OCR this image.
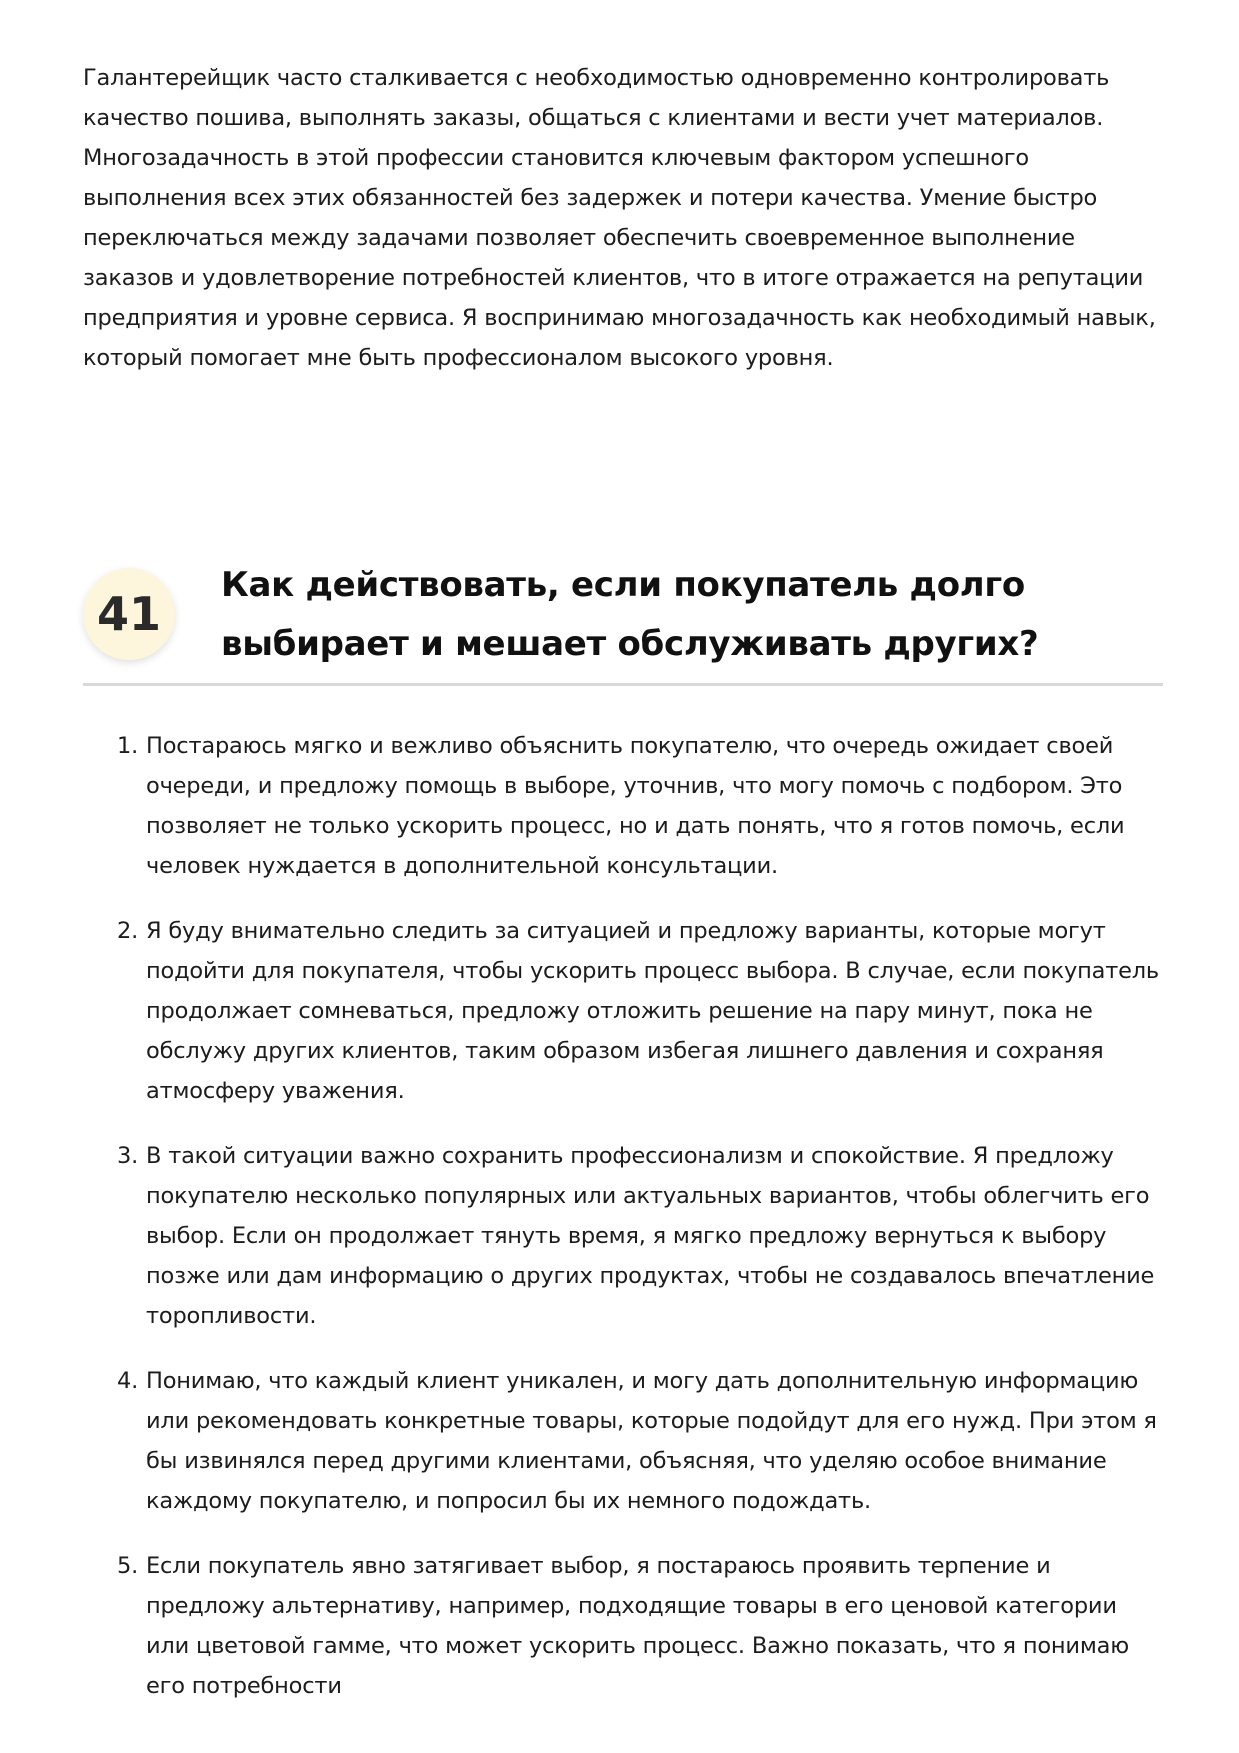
Галантерейщик часто сталкивается с необходимостью одновременно контролировать качество пошива, выполнять заказы, общаться с клиентами и вести учет материалов. Многозадачность в этой профессии становится ключевым фактором успешного выполнения всех этих обязанностей без задержек и потери качества. Умение быстро переключаться между задачами позволяет обеспечить своевременное выполнение заказов и удовлетворение потребностей клиентов, что в итоге отражается на репутации предприятия и уровне сервиса. Я воспринимаю многозадачность как необходимый навык, который помогает мне быть профессионалом высокого уровня.

41
Как действовать, если покупатель долго выбирает и мешает обслуживать других?
1. Постараюсь мягко и вежливо объяснить покупателю, что очередь ожидает своей очереди, и предложу помощь в выборе, уточнив, что могу помочь с подбором. Это позволяет не только ускорить процесс, но и дать понять, что я готов помочь, если человек нуждается в дополнительной консультации.
2. Я буду внимательно следить за ситуацией и предложу варианты, которые могут подойти для покупателя, чтобы ускорить процесс выбора. В случае, если покупатель продолжает сомневаться, предложу отложить решение на пару минут, пока не обслужу других клиентов, таким образом избегая лишнего давления и сохраняя атмосферу уважения.
3. В такой ситуации важно сохранить профессионализм и спокойствие. Я предложу покупателю несколько популярных или актуальных вариантов, чтобы облегчить его выбор. Если он продолжает тянуть время, я мягко предложу вернуться к выбору позже или дам информацию о других продуктах, чтобы не создавалось впечатление торопливости.
4. Понимаю, что каждый клиент уникален, и могу дать дополнительную информацию или рекомендовать конкретные товары, которые подойдут для его нужд. При этом я бы извинялся перед другими клиентами, объясняя, что уделяю особое внимание каждому покупателю, и попросил бы их немного подождать.
5. Если покупатель явно затягивает выбор, я постараюсь проявить терпение и предложу альтернативу, например, подходящие товары в его ценовой категории или цветовой гамме, что может ускорить процесс. Важно показать, что я понимаю его потребности
